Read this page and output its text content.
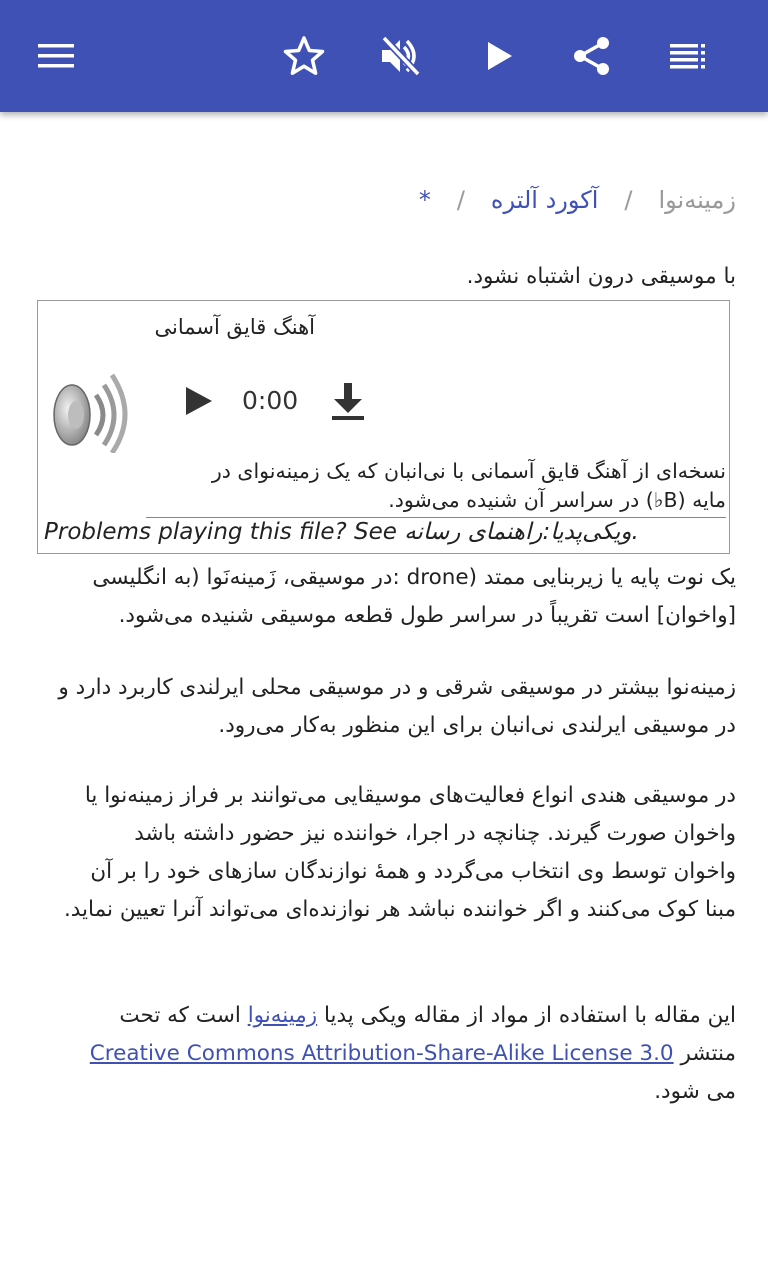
زمینه‌نوا/آکورد آلتره/*

با موسیقی درون اشتباه نشود.

آهنگ قایق آسمانی
0:00

نسخه‌ای از آهنگ قایق آسمانی با نی‌انبان که یک زمینه‌نوای در

مایه (B♭) در سراسر آن شنیده می‌شود.

Problems playing this file? See ویکی‌پدیا:راهنمای رسانه.

یک نوت پایه یا زیربنایی ممتد (drone :در موسیقی، زَمینه‌نَوا (به انگلیسی

[واخوان] است تقریباً در سراسر طول قطعه موسیقی شنیده می‌شود.

زمینه‌نوا بیشتر در موسیقی شرقی و در موسیقی محلی ایرلندی کاربرد دارد و

در موسیقی ایرلندی نی‌انبان برای این منظور به‌کار می‌رود.

در موسیقی هندی انواع فعالیت‌های موسیقایی می‌توانند بر فراز زمینه‌نوا یا

واخوان صورت گیرند. چنانچه در اجرا، خواننده نیز حضور داشته باشد

واخوان توسط وی انتخاب می‌گردد و همهٔ نوازندگان سازهای خود را بر آن

مبنا کوک می‌کنند و اگر خواننده نباشد هر نوازنده‌ای می‌تواند آنرا تعیین نماید.

این مقاله با استفاده از مواد از مقاله ویکی پدیا زمینه‌نوا است که تحت

منتشر Creative Commons Attribution-Share-Alike License 3.0

می شود.
